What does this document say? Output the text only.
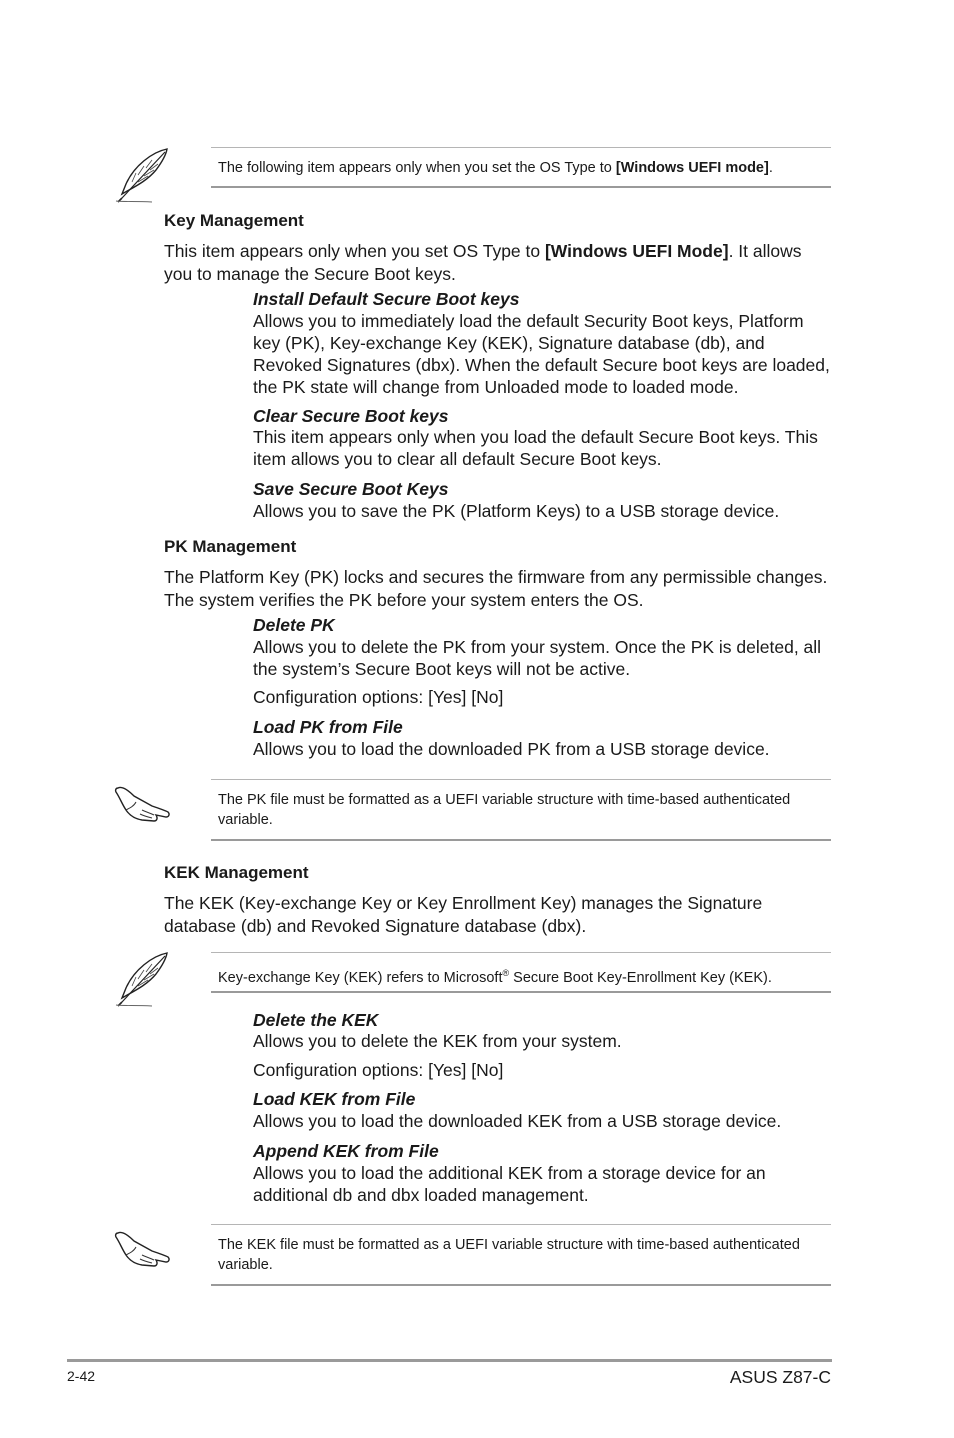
The following item appears only when you set the OS Type to [Windows UEFI mode].
Key Management
This item appears only when you set OS Type to [Windows UEFI Mode]. It allows you to manage the Secure Boot keys.
Install Default Secure Boot keys
Allows you to immediately load the default Security Boot keys, Platform key (PK), Key-exchange Key (KEK), Signature database (db), and Revoked Signatures (dbx). When the default Secure boot keys are loaded, the PK state will change from Unloaded mode to loaded mode.
Clear Secure Boot keys
This item appears only when you load the default Secure Boot keys. This item allows you to clear all default Secure Boot keys.
Save Secure Boot Keys
Allows you to save the PK (Platform Keys) to a USB storage device.
PK Management
The Platform Key (PK) locks and secures the firmware from any permissible changes. The system verifies the PK before your system enters the OS.
Delete PK
Allows you to delete the PK from your system. Once the PK is deleted, all the system’s Secure Boot keys will not be active.
Configuration options: [Yes] [No]
Load PK from File
Allows you to load the downloaded PK from a USB storage device.
The PK file must be formatted as a UEFI variable structure with time-based authenticated variable.
KEK Management
The KEK (Key-exchange Key or Key Enrollment Key) manages the Signature database (db) and Revoked Signature database (dbx).
Key-exchange Key (KEK) refers to Microsoft® Secure Boot Key-Enrollment Key (KEK).
Delete the KEK
Allows you to delete the KEK from your system.
Configuration options: [Yes] [No]
Load KEK from File
Allows you to load the downloaded KEK from a USB storage device.
Append KEK from File
Allows you to load the additional KEK from a storage device for an additional db and dbx loaded management.
The KEK file must be formatted as a UEFI variable structure with time-based authenticated variable.
2-42	ASUS Z87-C
